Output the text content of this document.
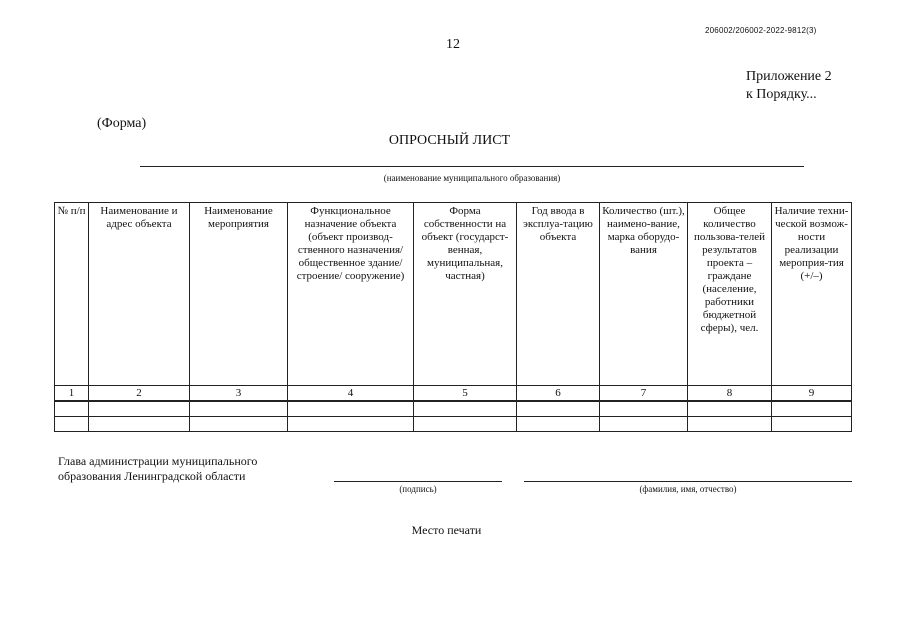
206002/206002-2022-9812(3)
12
Приложение 2
к Порядку...
(Форма)
ОПРОСНЫЙ ЛИСТ
(наименование муниципального образования)
№ п/п	Наименование и адрес объекта	Наименование мероприятия	Функциональное назначение объекта (объект производ-ственного назначения/ общественное здание/строение/ сооружение)	Форма собственности на объект (государст-венная, муниципальная, частная)	Год ввода в эксплуа-тацию объекта	Количество (шт.), наимено-вание, марка оборудо-вания	Общее количество пользова-телей результатов проекта – граждане (население, работники бюджетной сферы), чел.	Наличие техни-ческой возмож-ности реализации мероприя-тия (+/–)
1	2	3	4	5	6	7	8	9

Глава администрации муниципального
образования Ленинградской области
(подпись)	(фамилия, имя, отчество)
Место печати
